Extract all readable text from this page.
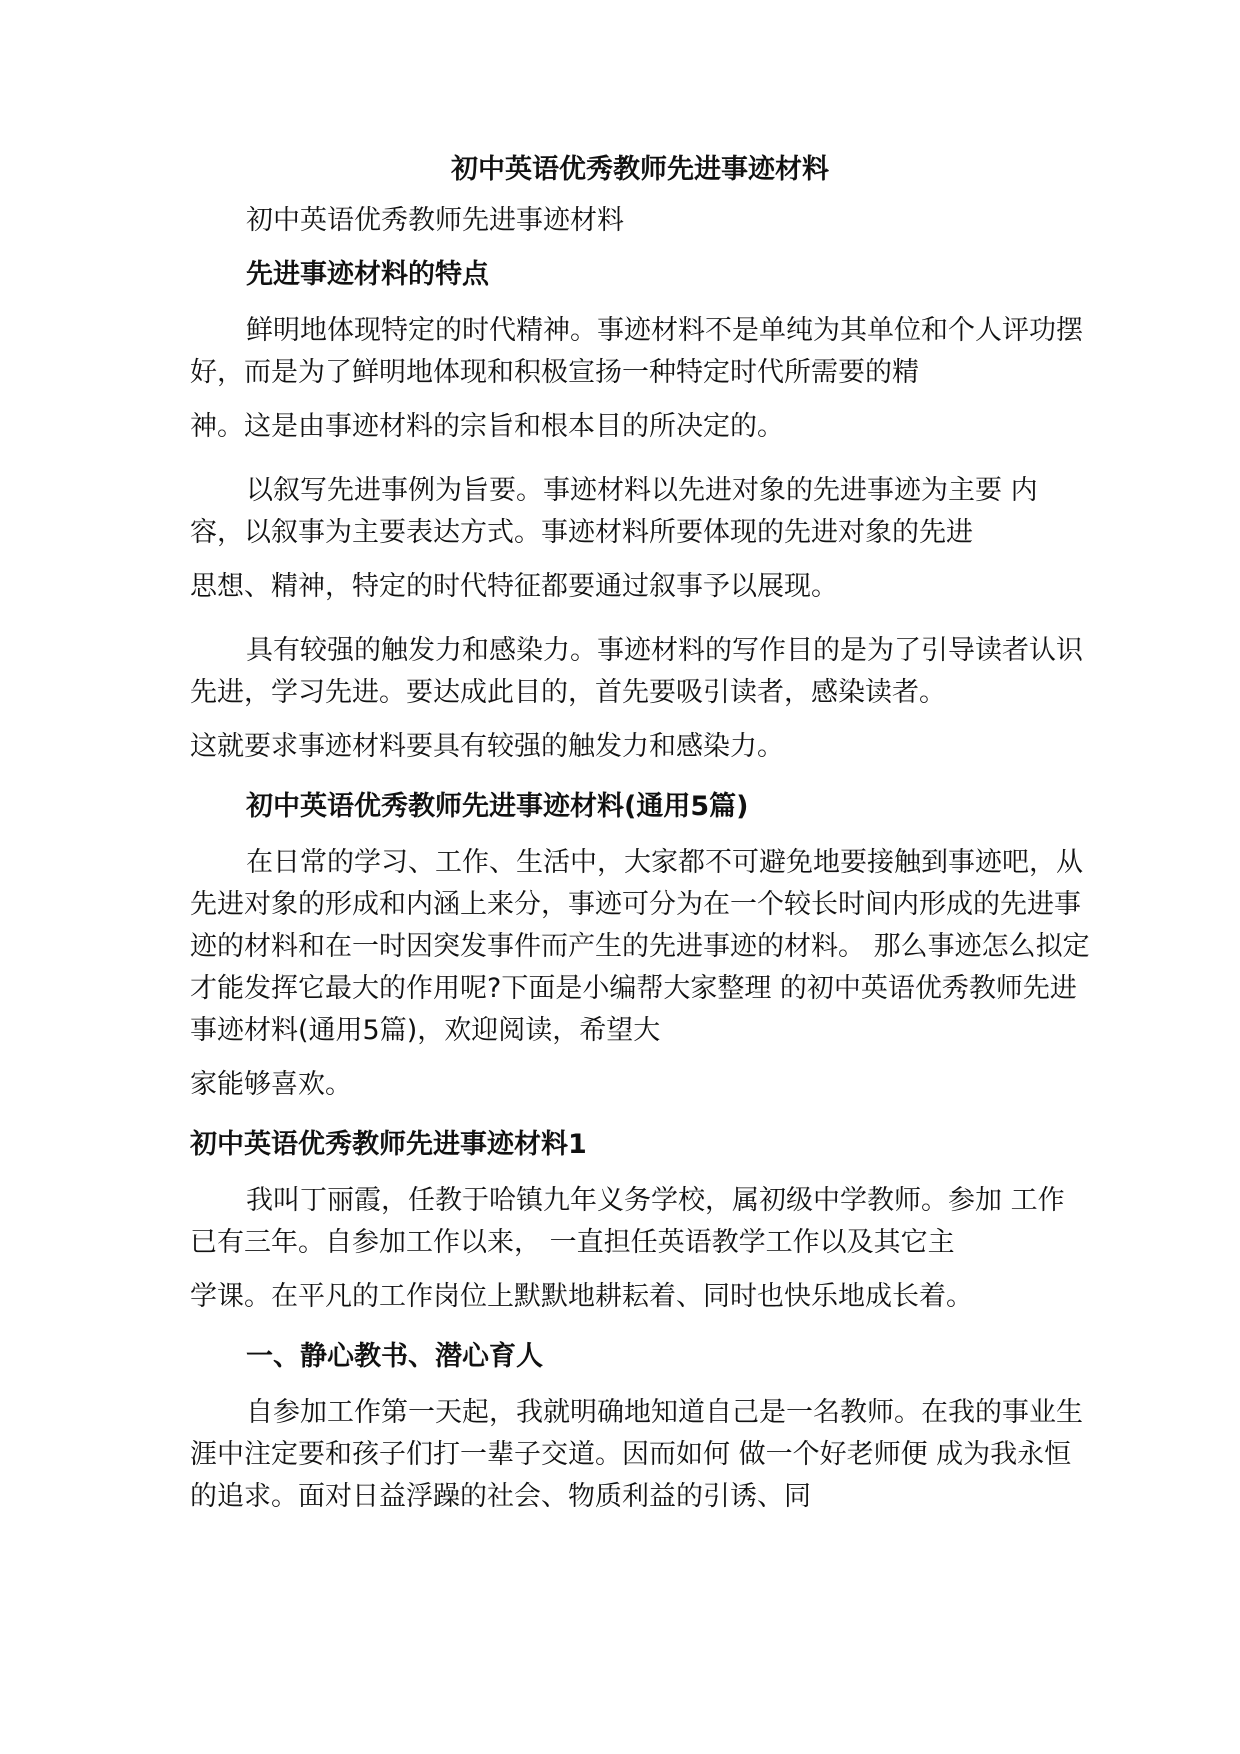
初中英语优秀教师先进事迹材料

初中英语优秀教师先进事迹材料

先进事迹材料的特点

鲜明地体现特定的时代精神。事迹材料不是单纯为其单位和个人评功摆好，而是为了鲜明地体现和积极宣扬一种特定时代所需要的精

神。这是由事迹材料的宗旨和根本目的所决定的。

以叙写先进事例为旨要。事迹材料以先进对象的先进事迹为主要 内容，以叙事为主要表达方式。事迹材料所要体现的先进对象的先进

思想、精神，特定的时代特征都要通过叙事予以展现。

具有较强的触发力和感染力。事迹材料的写作目的是为了引导读者认识先进，学习先进。要达成此目的，首先要吸引读者，感染读者。

这就要求事迹材料要具有较强的触发力和感染力。

初中英语优秀教师先进事迹材料(通用5篇)

在日常的学习、工作、生活中，大家都不可避免地要接触到事迹吧，从先进对象的形成和内涵上来分，事迹可分为在一个较长时间内形成的先进事迹的材料和在一时因突发事件而产生的先进事迹的材料。 那么事迹怎么拟定才能发挥它最大的作用呢?下面是小编帮大家整理 的初中英语优秀教师先进事迹材料(通用5篇)，欢迎阅读，希望大

家能够喜欢。

初中英语优秀教师先进事迹材料1

我叫丁丽霞，任教于哈镇九年义务学校，属初级中学教师。参加 工作已有三年。自参加工作以来， 一直担任英语教学工作以及其它主

学课。在平凡的工作岗位上默默地耕耘着、同时也快乐地成长着。

一、静心教书、潜心育人

自参加工作第一天起，我就明确地知道自己是一名教师。在我的事业生涯中注定要和孩子们打一辈子交道。因而如何 做一个好老师便 成为我永恒的追求。面对日益浮躁的社会、物质利益的引诱、同
